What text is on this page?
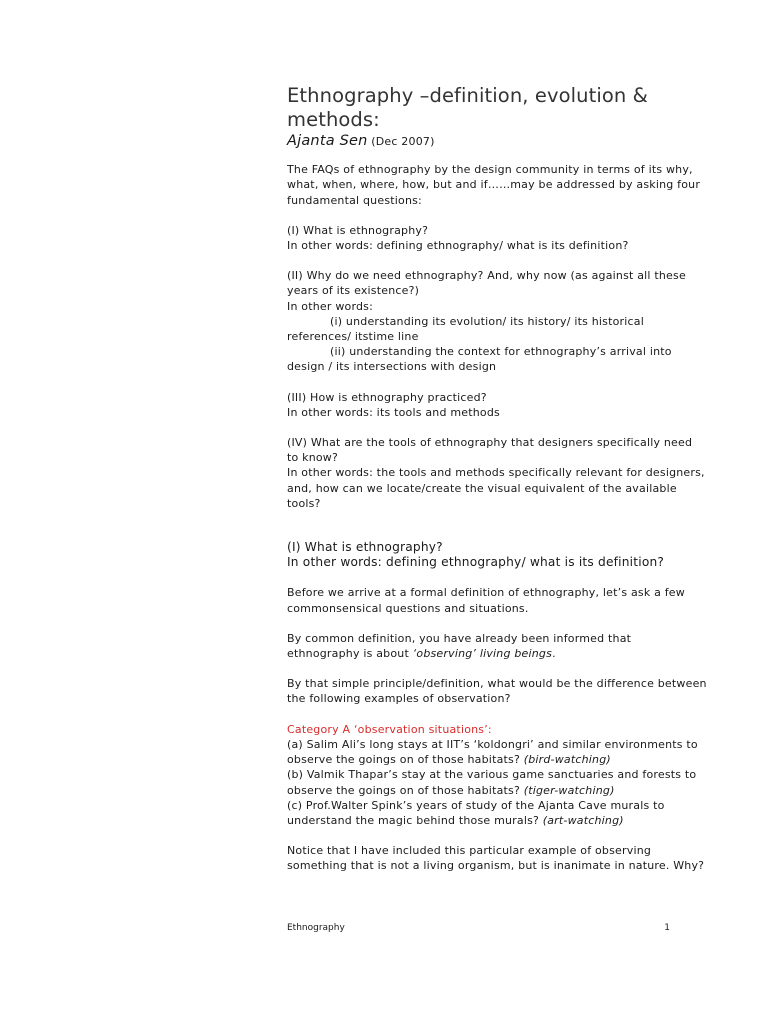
Ethnography –definition, evolution & methods:
Ajanta Sen (Dec 2007)

The FAQs of ethnography by the design community in terms of its why, what, when, where, how, but and if……may be addressed by asking four fundamental questions:

(I) What is ethnography?
In other words: defining ethnography/ what is its definition?

(II) Why do we need ethnography? And, why now (as against all these years of its existence?)
In other words:
(i) understanding its evolution/ its history/ its historical references/ itstime line
(ii) understanding the context for ethnography’s arrival into design / its intersections with design

(III) How is ethnography practiced?
In other words: its tools and methods

(IV) What are the tools of ethnography that designers specifically need to know?
In other words: the tools and methods specifically relevant for designers, and, how can we locate/create the visual equivalent of the available tools?

(I) What is ethnography?
In other words: defining ethnography/ what is its definition?

Before we arrive at a formal definition of ethnography, let’s ask a few commonsensical questions and situations.

By common definition, you have already been informed that ethnography is about ‘observing’ living beings.

By that simple principle/definition, what would be the difference between the following examples of observation?

Category A ‘observation situations’:
(a) Salim Ali’s long stays at IIT’s ‘koldongri’ and similar environments to observe the goings on of those habitats? (bird-watching)
(b) Valmik Thapar’s stay at the various game sanctuaries and forests to observe the goings on of those habitats? (tiger-watching)
(c) Prof.Walter Spink’s years of study of the Ajanta Cave murals to understand the magic behind those murals? (art-watching)

Notice that I have included this particular example of observing something that is not a living organism, but is inanimate in nature. Why?

Ethnography	1
